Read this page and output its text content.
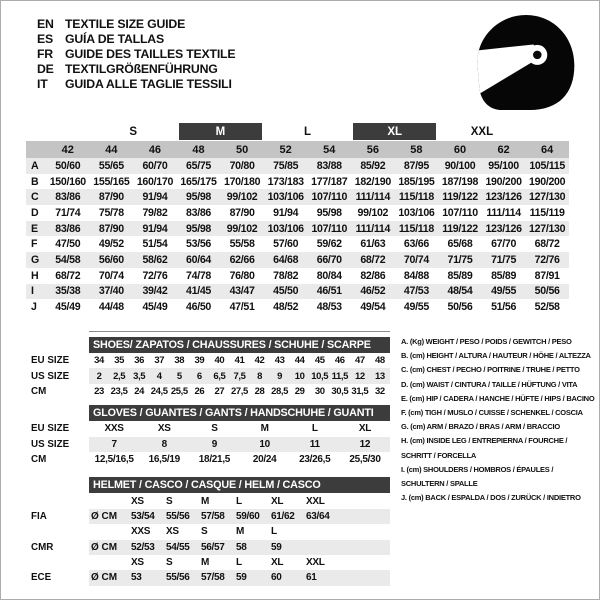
EN TEXTILE SIZE GUIDE
ES GUÍA DE TALLAS
FR GUIDE DES TAILLES TEXTILE
DE TEXTILGRÖßENFÜHRUNG
IT	GUIDA ALLE TAGLIE TESSILI
S	M	L	XL	XXL
42	44	46	48	50	52	54	56	58	60	62	64
A	50/60	55/65	60/70	65/75	70/80	75/85	83/88	85/92	87/95	90/100	95/100 105/115
B	150/160 155/165 160/170 165/175 170/180 173/183 177/187 182/190 185/195 187/198 190/200 190/200
C	83/86	87/90	91/94	95/98	99/102 103/106 107/110 111/114 115/118 119/122 123/126 127/130
D	71/74	75/78	79/82	83/86	87/90	91/94	95/98	99/102 103/106 107/110 111/114 115/119
E	83/86	87/90	91/94	95/98	99/102 103/106 107/110 111/114 115/118 119/122 123/126 127/130
F	47/50	49/52	51/54	53/56	55/58	57/60	59/62	61/63	63/66	65/68	67/70	68/72
G	54/58	56/60	58/62	60/64	62/66	64/68	66/70	68/72	70/74	71/75	71/75	72/76
H	68/72	70/74	72/76	74/78	76/80	78/82	80/84	82/86	84/88	85/89	85/89	87/91
I	35/38	37/40	39/42	41/45	43/47	45/50	46/51	46/52	47/53	48/54	49/55	50/56
J	45/49	44/48	45/49	46/50	47/51	48/52	48/53	49/54	49/55	50/56	51/56	52/58
SHOES/ ZAPATOS / CHAUSSURES / SCHUHE / SCARPE
EU SIZE	34	35	36	37	38	39	40	41	42	43	44	45	46	47	48
US SIZE	2	2,5 3,5	4	5	6	6,5 7,5	8	9	10 10,5 11,5 12	13
CM	23 23,5 24 24,5 25,5 26	27 27,5 28 28,5 29	30 30,5 31,5 32
GLOVES / GUANTES / GANTS / HANDSCHUHE / GUANTI
EU SIZE	XXS	XS	S	M	L	XL
US SIZE	7	8	9	10	11	12
CM	12,5/16,5	16,5/19	18/21,5	20/24	23/26,5	25,5/30
HELMET / CASCO / CASQUE / HELM / CASCO
XS	S	M	L	XL	XXL
FIA	Ø CM	53/54	55/56	57/58	59/60	61/62	63/64
XXS	XS	S	M	L
CMR	Ø CM	52/53	54/55	56/57	58	59
XS	S	M	L	XL	XXL
ECE	Ø CM	53	55/56	57/58	59	60	61
A. (Kg) WEIGHT / PESO / POIDS / GEWITCH / PESO
B. (cm) HEIGHT / ALTURA / HAUTEUR / HÖHE / ALTEZZA
C. (cm) CHEST / PECHO / POITRINE / TRUHE / PETTO
D. (cm) WAIST / CINTURA / TAILLE / HÜFTUNG / VITA
E. (cm) HIP / CADERA / HANCHE / HÜFTE / HIPS / BACINO
F. (cm) TIGH / MUSLO / CUISSE / SCHENKEL / COSCIA
G. (cm) ARM / BRAZO / BRAS / ARM / BRACCIO
H. (cm) INSIDE LEG / ENTREPIERNA / FOURCHE /
SCHRITT / FORCELLA
I. (cm) SHOULDERS / HOMBROS / ÉPAULES /
SCHULTERN / SPALLE
J. (cm) BACK / ESPALDA / DOS / ZURÜCK / INDIETRO
